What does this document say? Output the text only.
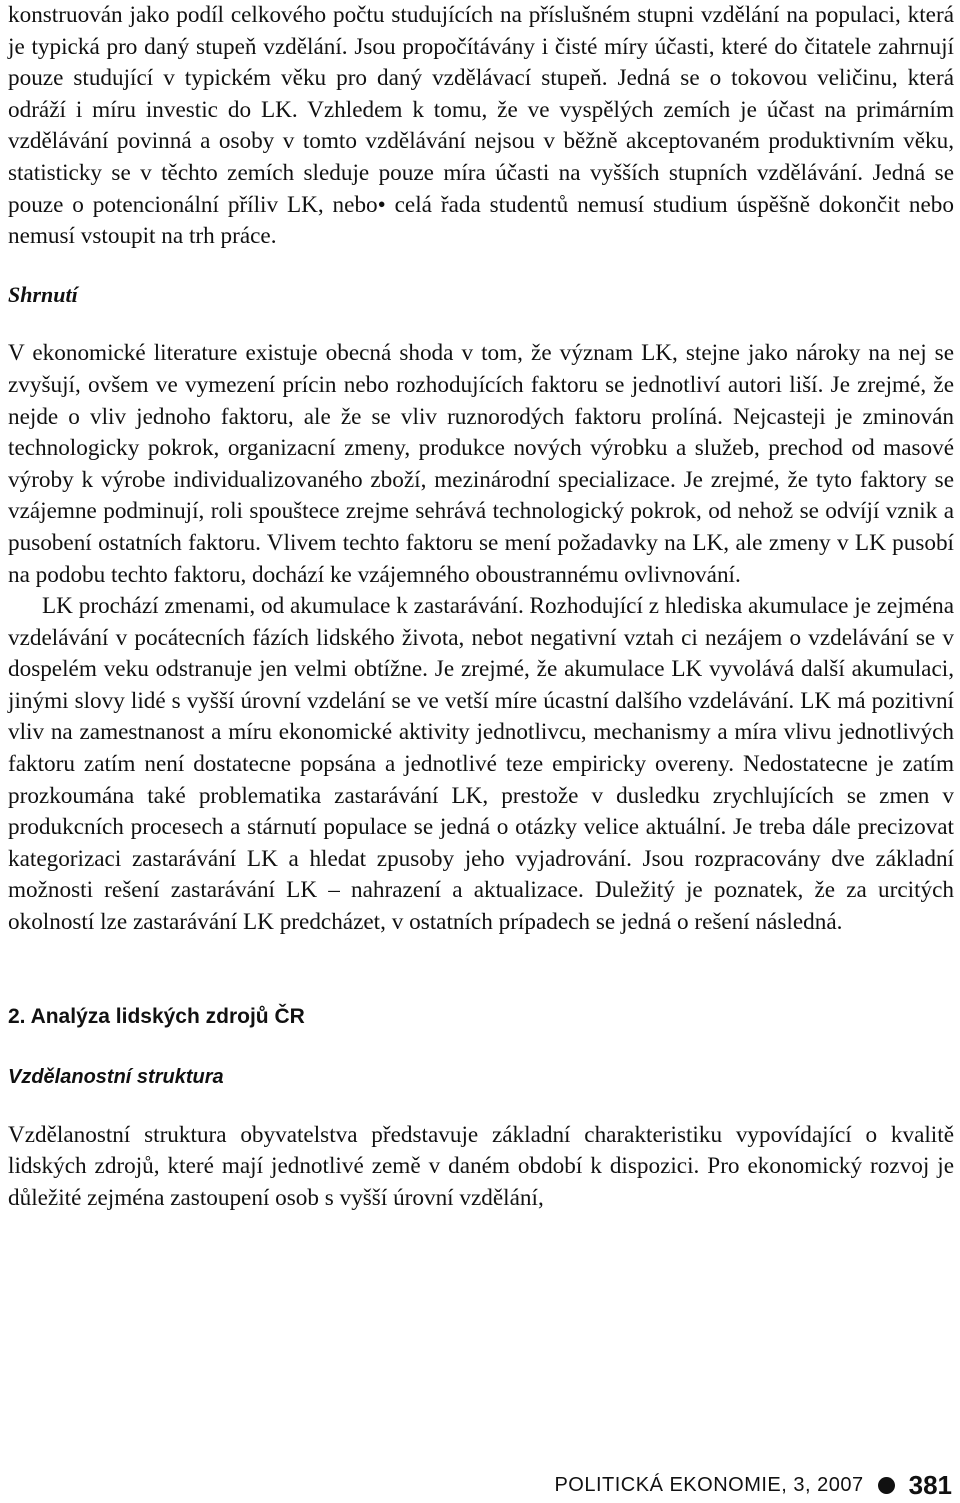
konstruován jako podíl celkového počtu studujících na příslušném stupni vzdělání na populaci, která je typická pro daný stupeň vzdělání. Jsou propočítávány i čisté míry účasti, které do čitatele zahrnují pouze studující v typickém věku pro daný vzdělávací stupeň. Jedná se o tokovou veličinu, která odráží i míru investic do LK. Vzhledem k tomu, že ve vyspělých zemích je účast na primárním vzdělávání povinná a osoby v tomto vzdělávání nejsou v běžně akceptovaném produktivním věku, statisticky se v těchto zemích sleduje pouze míra účasti na vyšších stupních vzdělávání. Jedná se pouze o potencionální příliv LK, nebo• celá řada studentů nemusí studium úspěšně dokončit nebo nemusí vstoupit na trh práce.

Shrnutí

V ekonomické literature existuje obecná shoda v tom, že význam LK, stejne jako nároky na nej se zvyšují, ovšem ve vymezení prícin nebo rozhodujících faktoru se jednotliví autori liší. Je zrejmé, že nejde o vliv jednoho faktoru, ale že se vliv ruznorodých faktoru prolíná. Nejcasteji je zminován technologicky pokrok, organizacní zmeny, produkce nových výrobku a služeb, prechod od masové výroby k výrobe individualizovaného zboží, mezinárodní specializace. Je zrejmé, že tyto faktory se vzájemne podminují, roli spouštece zrejme sehrává technologický pokrok, od nehož se odvíjí vznik a pusobení ostatních faktoru. Vlivem techto faktoru se mení požadavky na LK, ale zmeny v LK pusobí na podobu techto faktoru, dochází ke vzájemného oboustrannému ovlivnování.

LK prochází zmenami, od akumulace k zastarávání. Rozhodující z hlediska akumulace je zejména vzdelávání v pocátecních fázích lidského života, nebot negativní vztah ci nezájem o vzdelávání se v dospelém veku odstranuje jen velmi obtížne. Je zrejmé, že akumulace LK vyvolává další akumulaci, jinými slovy lidé s vyšší úrovní vzdelání se ve vetší míre úcastní dalšího vzdelávání. LK má pozitivní vliv na zamestnanost a míru ekonomické aktivity jednotlivcu, mechanismy a míra vlivu jednotlivých faktoru zatím není dostatecne popsána a jednotlivé teze empiricky overeny. Nedostatecne je zatím prozkoumána také problematika zastarávání LK, prestože v dusledku zrychlujících se zmen v produkcních procesech a stárnutí populace se jedná o otázky velice aktuální. Je treba dále precizovat kategorizaci zastarávání LK a hledat zpusoby jeho vyjadrování. Jsou rozpracovány dve základní možnosti rešení zastarávání LK – nahrazení a aktualizace. Duležitý je poznatek, že za urcitých okolností lze zastarávání LK predcházet, v ostatních prípadech se jedná o rešení následná.

2. Analýza lidských zdrojů ČR

Vzdělanostní struktura

Vzdělanostní struktura obyvatelstva představuje základní charakteristiku vypovídající o kvalitě lidských zdrojů, které mají jednotlivé země v daném období k dispozici. Pro ekonomický rozvoj je důležité zejména zastoupení osob s vyšší úrovní vzdělání,

POLITICKÁ EKONOMIE, 3, 2007 381
